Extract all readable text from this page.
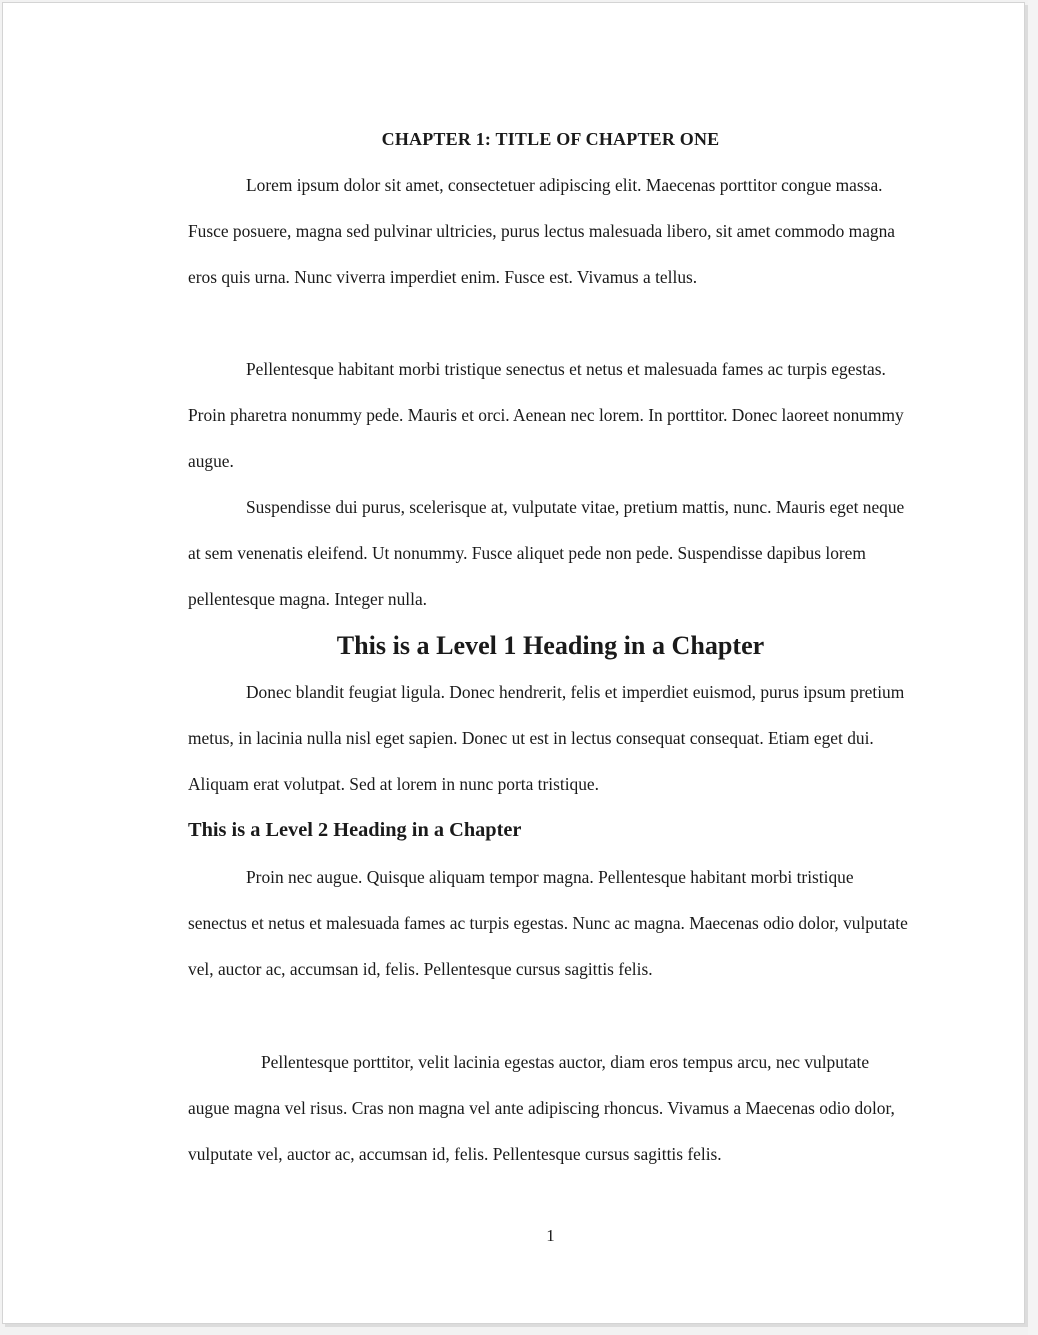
CHAPTER 1: TITLE OF CHAPTER ONE

Lorem ipsum dolor sit amet, consectetuer adipiscing elit. Maecenas porttitor congue massa. Fusce posuere, magna sed pulvinar ultricies, purus lectus malesuada libero, sit amet commodo magna eros quis urna. Nunc viverra imperdiet enim. Fusce est. Vivamus a tellus.

Pellentesque habitant morbi tristique senectus et netus et malesuada fames ac turpis egestas. Proin pharetra nonummy pede. Mauris et orci. Aenean nec lorem. In porttitor. Donec laoreet nonummy augue.

Suspendisse dui purus, scelerisque at, vulputate vitae, pretium mattis, nunc. Mauris eget neque at sem venenatis eleifend. Ut nonummy. Fusce aliquet pede non pede. Suspendisse dapibus lorem pellentesque magna. Integer nulla.

This is a Level 1 Heading in a Chapter

Donec blandit feugiat ligula. Donec hendrerit, felis et imperdiet euismod, purus ipsum pretium metus, in lacinia nulla nisl eget sapien. Donec ut est in lectus consequat consequat. Etiam eget dui. Aliquam erat volutpat. Sed at lorem in nunc porta tristique.

This is a Level 2 Heading in a Chapter

Proin nec augue. Quisque aliquam tempor magna. Pellentesque habitant morbi tristique senectus et netus et malesuada fames ac turpis egestas. Nunc ac magna. Maecenas odio dolor, vulputate vel, auctor ac, accumsan id, felis. Pellentesque cursus sagittis felis.

Pellentesque porttitor, velit lacinia egestas auctor, diam eros tempus arcu, nec vulputate augue magna vel risus. Cras non magna vel ante adipiscing rhoncus. Vivamus a Maecenas odio dolor, vulputate vel, auctor ac, accumsan id, felis. Pellentesque cursus sagittis felis.

1
